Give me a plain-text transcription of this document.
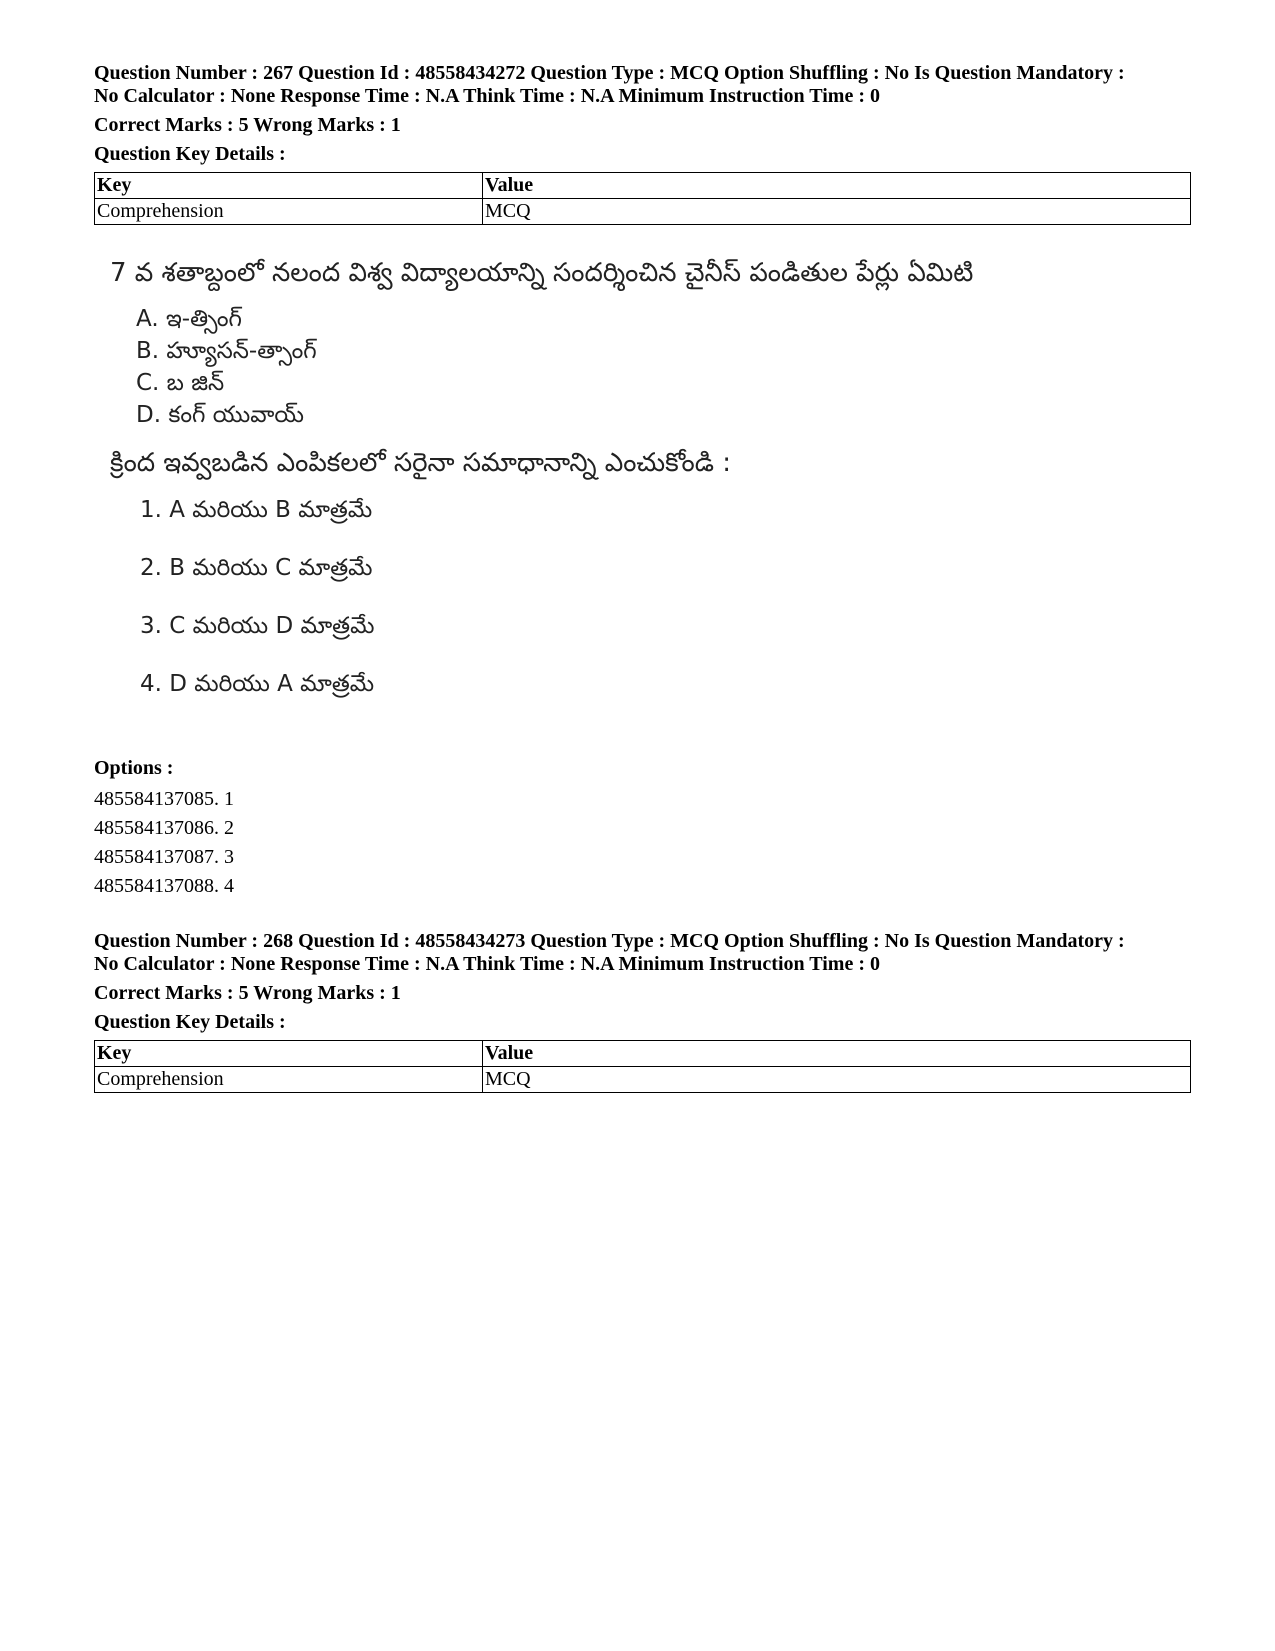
Question Number : 267 Question Id : 48558434272 Question Type : MCQ Option Shuffling : No Is Question Mandatory :
No Calculator : None Response Time : N.A Think Time : N.A Minimum Instruction Time : 0
Correct Marks : 5 Wrong Marks : 1
Question Key Details :
Key	Value
Comprehension	MCQ

7 వ శతాబ్దంలో నలంద విశ్వ విద్యాలయాన్ని సందర్శించిన చైనీస్ పండితుల పేర్లు ఏమిటి

A. ఇ-త్సింగ్
B. హ్యూసన్-త్సాంగ్
C. బ జిన్
D. కంగ్ యువాయ్
క్రింద ఇవ్వబడిన ఎంపికలలో సరైనా సమాధానాన్ని ఎంచుకోండి :
1. A మరియు B మాత్రమే
2. B మరియు C మాత్రమే
3. C మరియు D మాత్రమే
4. D మరియు A మాత్రమే
Options :
485584137085. 1
485584137086. 2
485584137087. 3
485584137088. 4
Question Number : 268 Question Id : 48558434273 Question Type : MCQ Option Shuffling : No Is Question Mandatory :
No Calculator : None Response Time : N.A Think Time : N.A Minimum Instruction Time : 0
Correct Marks : 5 Wrong Marks : 1
Question Key Details :
Key	Value
Comprehension	MCQ
